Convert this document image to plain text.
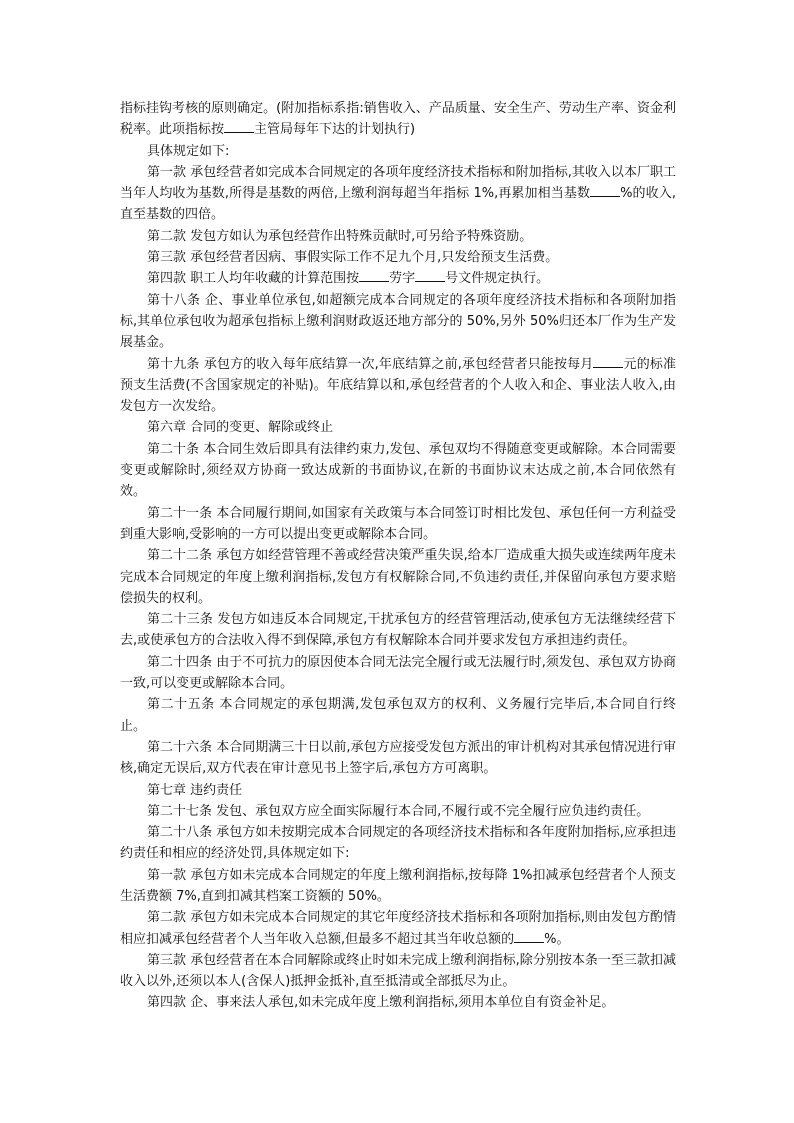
指标挂钩考核的原则确定。(附加指标系指:销售收入、产品质量、安全生产、劳动生产率、资金利税率。此项指标按 主管局每年下达的计划执行)

具体规定如下:

第一款 承包经营者如完成本合同规定的各项年度经济技术指标和附加指标,其收入以本厂职工当年人均收为基数,所得是基数的两倍,上缴利润每超当年指标 1%,再累加相当基数 %的收入,直至基数的四倍。

第二款 发包方如认为承包经营作出特殊贡献时,可另给予特殊资励。

第三款 承包经营者因病、事假实际工作不足九个月,只发给预支生活费。

第四款 职工人均年收藏的计算范围按 劳字 号文件规定执行。

第十八条 企、事业单位承包,如超额完成本合同规定的各项年度经济技术指标和各项附加指标,其单位承包收为超承包指标上缴利润财政返还地方部分的 50%,另外 50%归还本厂作为生产发展基金。

第十九条 承包方的收入每年底结算一次,年底结算之前,承包经营者只能按每月 元的标准预支生活费(不含国家规定的补贴)。年底结算以和,承包经营者的个人收入和企、事业法人收入,由发包方一次发给。

第六章 合同的变更、解除或终止

第二十条 本合同生效后即具有法律约束力,发包、承包双均不得随意变更或解除。本合同需要变更或解除时,须经双方协商一致达成新的书面协议,在新的书面协议末达成之前,本合同依然有效。

第二十一条 本合同履行期间,如国家有关政策与本合同签订时相比发包、承包任何一方利益受到重大影响,受影响的一方可以提出变更或解除本合同。

第二十二条 承包方如经营管理不善或经营决策严重失误,给本厂造成重大损失或连续两年度未完成本合同规定的年度上缴利润指标,发包方有权解除合同,不负违约责任,并保留向承包方要求赔偿损失的权利。

第二十三条 发包方如违反本合同规定,干扰承包方的经营管理活动,使承包方无法继续经营下去,或使承包方的合法收入得不到保障,承包方有权解除本合同并要求发包方承担违约责任。

第二十四条 由于不可抗力的原因使本合同无法完全履行或无法履行时,须发包、承包双方协商一致,可以变更或解除本合同。

第二十五条 本合同规定的承包期满,发包承包双方的权利、义务履行完毕后,本合同自行终止。

第二十六条 本合同期满三十日以前,承包方应接受发包方派出的审计机构对其承包情况进行审核,确定无误后,双方代表在审计意见书上签字后,承包方方可离职。

第七章 违约责任

第二十七条 发包、承包双方应全面实际履行本合同,不履行或不完全履行应负违约责任。

第二十八条 承包方如未按期完成本合同规定的各项经济技术指标和各年度附加指标,应承担违约责任和相应的经济处罚,具体规定如下:

第一款 承包方如未完成本合同规定的年度上缴利润指标,按每降 1%扣减承包经营者个人预支生活费额 7%,直到扣减其档案工资额的 50%。

第二款 承包方如未完成本合同规定的其它年度经济技术指标和各项附加指标,则由发包方酌情相应扣减承包经营者个人当年收入总额,但最多不超过其当年收总额的 %。

第三款 承包经营者在本合同解除或终止时如未完成上缴利润指标,除分别按本条一至三款扣减收入以外,还须以本人(含保人)抵押金抵补,直至抵清或全部抵尽为止。

第四款 企、事来法人承包,如未完成年度上缴利润指标,须用本单位自有资金补足。
